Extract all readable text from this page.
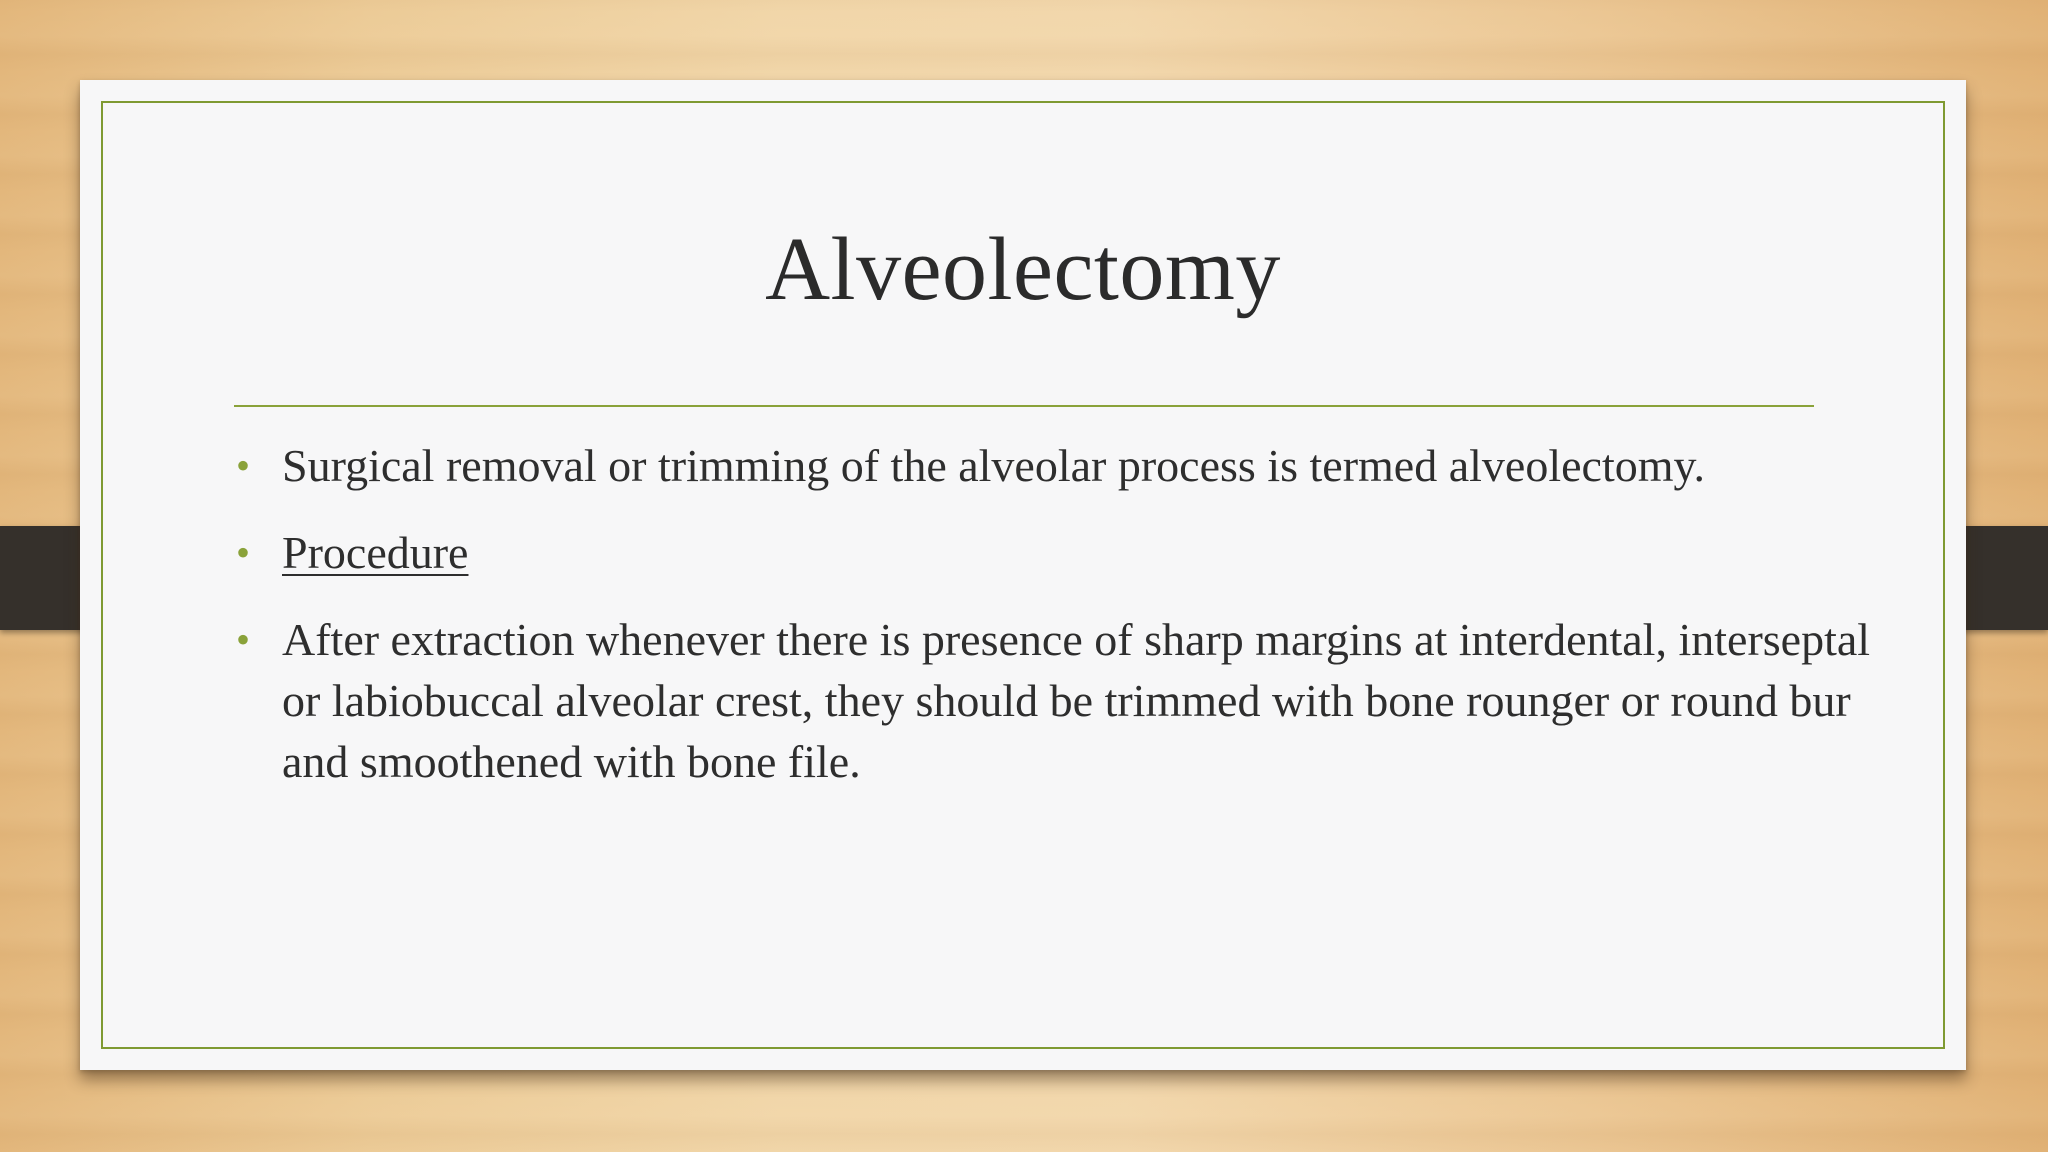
Alveolectomy
• Surgical removal or trimming of the alveolar process is termed alveolectomy.
• Procedure
• After extraction whenever there is presence of sharp margins at interdental, interseptal or labiobuccal alveolar crest, they should be trimmed with bone rounger or round bur and smoothened with bone file.
